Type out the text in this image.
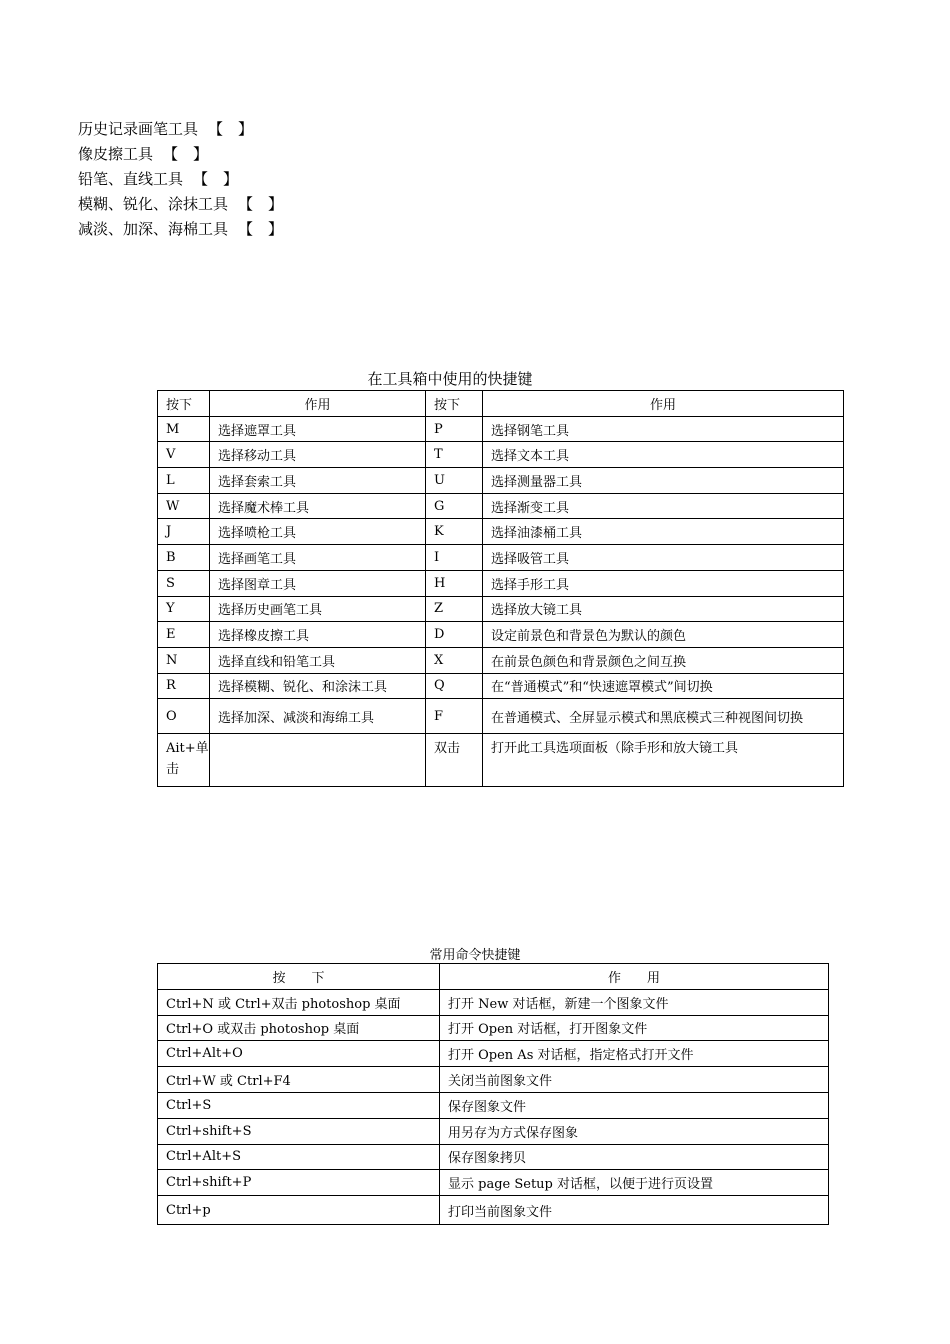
历史记录画笔工具 【　】
像皮擦工具 【　】
铅笔、直线工具 【　】
模糊、锐化、涂抹工具 【　】
减淡、加深、海棉工具 【　】
在工具箱中使用的快捷键
按下	作用	按下	作用
M	选择遮罩工具	P	选择钢笔工具
V	选择移动工具	T	选择文本工具
L	选择套索工具	U	选择测量器工具
W	选择魔术棒工具	G	选择渐变工具
J	选择喷枪工具	K	选择油漆桶工具
B	选择画笔工具	I	选择吸管工具
S	选择图章工具	H	选择手形工具
Y	选择历史画笔工具	Z	选择放大镜工具
E	选择橡皮擦工具	D	设定前景色和背景色为默认的颜色
N	选择直线和铅笔工具	X	在前景色颜色和背景颜色之间互换
R	选择模糊、锐化、和涂沫工具	Q	在“普通模式”和“快速遮罩模式”间切换
O	选择加深、减淡和海绵工具	F	在普通模式、全屏显示模式和黑底模式三种视图间切换
Ait+单击		双击	打开此工具选项面板（除手形和放大镜工具
常用命令快捷键
按　　下	作　　用
Ctrl+N 或 Ctrl+双击 photoshop 桌面	打开 New 对话框，新建一个图象文件
Ctrl+O 或双击 photoshop 桌面	打开 Open 对话框，打开图象文件
Ctrl+Alt+O	打开 Open As 对话框，指定格式打开文件
Ctrl+W 或 Ctrl+F4	关闭当前图象文件
Ctrl+S	保存图象文件
Ctrl+shift+S	用另存为方式保存图象
Ctrl+Alt+S	保存图象拷贝
Ctrl+shift+P	显示 page Setup 对话框，以便于进行页设置
Ctrl+p	打印当前图象文件
